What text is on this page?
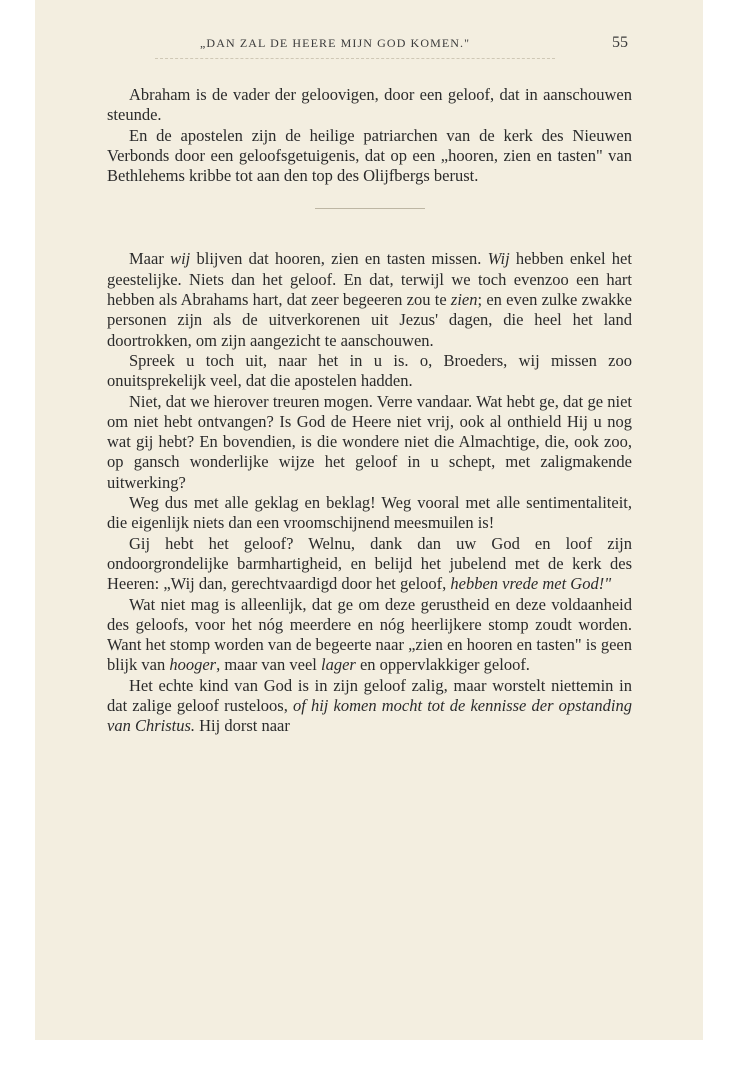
„DAN ZAL DE HEERE MIJN GOD KOMEN."	55

Abraham is de vader der geloovigen, door een geloof, dat in aanschouwen steunde.

En de apostelen zijn de heilige patriarchen van de kerk des Nieuwen Verbonds door een geloofsgetuigenis, dat op een „hooren, zien en tasten" van Bethlehems kribbe tot aan den top des Olijfbergs berust.

Maar wij blijven dat hooren, zien en tasten missen. Wij hebben enkel het geestelijke. Niets dan het geloof. En dat, terwijl we toch evenzoo een hart hebben als Abrahams hart, dat zeer begeeren zou te zien; en even zulke zwakke personen zijn als de uitverkorenen uit Jezus' dagen, die heel het land doortrokken, om zijn aangezicht te aanschouwen.

Spreek u toch uit, naar het in u is. o, Broeders, wij missen zoo onuitsprekelijk veel, dat die apostelen hadden.

Niet, dat we hierover treuren mogen. Verre vandaar. Wat hebt ge, dat ge niet om niet hebt ontvangen? Is God de Heere niet vrij, ook al onthield Hij u nog wat gij hebt? En bovendien, is die wondere niet die Almachtige, die, ook zoo, op gansch wonderlijke wijze het geloof in u schept, met zaligmakende uitwerking?

Weg dus met alle geklag en beklag! Weg vooral met alle sentimentaliteit, die eigenlijk niets dan een vroomschijnend meesmuilen is!

Gij hebt het geloof? Welnu, dank dan uw God en loof zijn ondoorgrondelijke barmhartigheid, en belijd het jubelend met de kerk des Heeren: „Wij dan, gerechtvaardigd door het geloof, hebben vrede met God!"

Wat niet mag is alleenlijk, dat ge om deze gerustheid en deze voldaanheid des geloofs, voor het nóg meerdere en nóg heerlijkere stomp zoudt worden. Want het stomp worden van de begeerte naar „zien en hooren en tasten" is geen blijk van hooger, maar van veel lager en oppervlakkiger geloof.

Het echte kind van God is in zijn geloof zalig, maar worstelt niettemin in dat zalige geloof rusteloos, of hij komen mocht tot de kennisse der opstanding van Christus. Hij dorst naar
